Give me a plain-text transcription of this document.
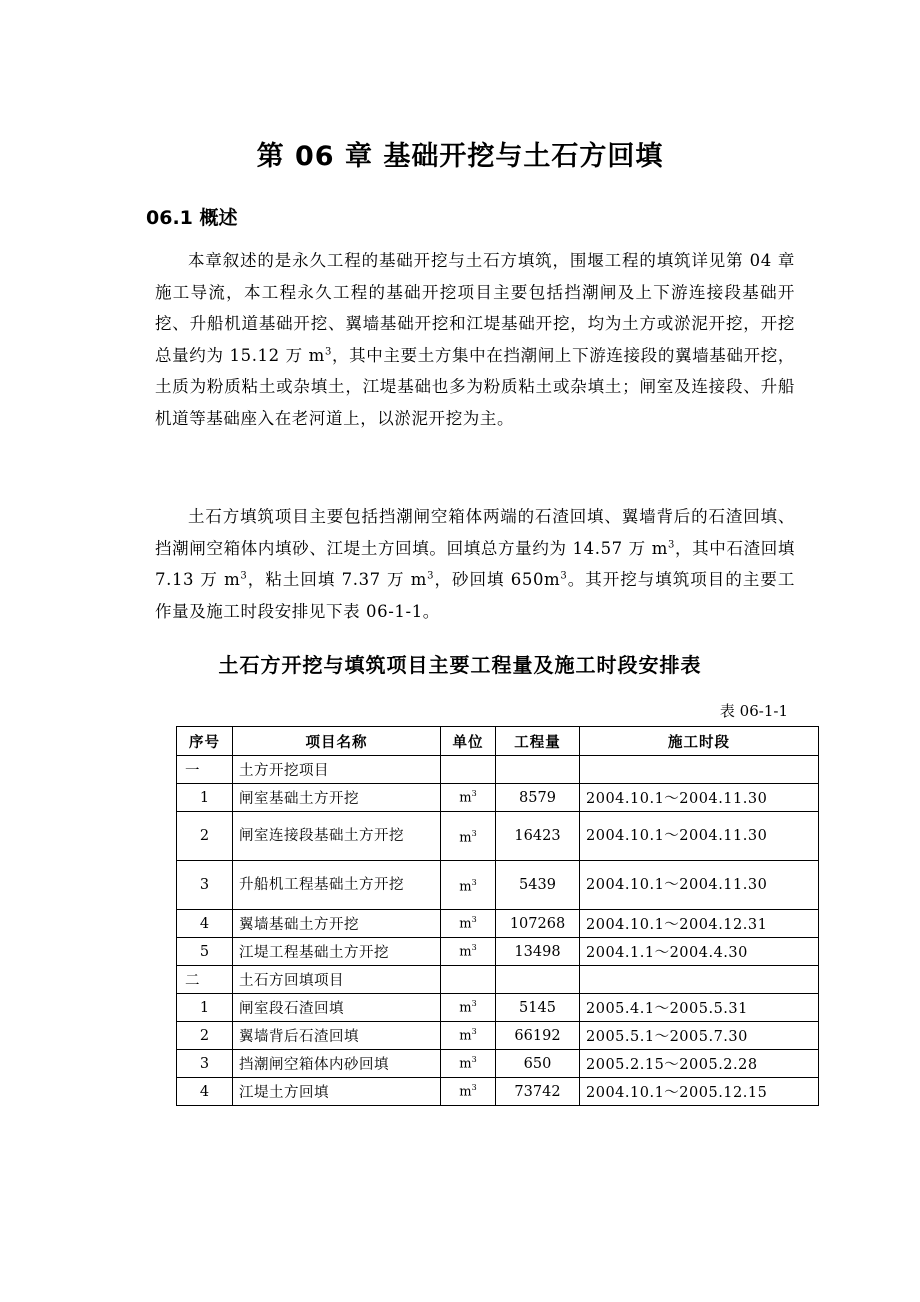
第 06 章 基础开挖与土石方回填
06.1 概述

本章叙述的是永久工程的基础开挖与土石方填筑，围堰工程的填筑详见第 04 章施工导流，本工程永久工程的基础开挖项目主要包括挡潮闸及上下游连接段基础开挖、升船机道基础开挖、翼墙基础开挖和江堤基础开挖，均为土方或淤泥开挖，开挖总量约为 15.12 万 $m^3$，其中主要土方集中在挡潮闸上下游连接段的翼墙基础开挖，土质为粉质粘土或杂填土，江堤基础也多为粉质粘土或杂填土；闸室及连接段、升船机道等基础座入在老河道上，以淤泥开挖为主。

土石方填筑项目主要包括挡潮闸空箱体两端的石渣回填、翼墙背后的石渣回填、挡潮闸空箱体内填砂、江堤土方回填。回填总方量约为 14.57 万 $m^3$，其中石渣回填 7.13 万 $m^3$，粘土回填 7.37 万 $m^3$，砂回填 $650m^3$。其开挖与填筑项目的主要工作量及施工时段安排见下表 06-1-1。

土石方开挖与填筑项目主要工程量及施工时段安排表
表 06-1-1
序号	项目名称	单位	工程量	施工时段
一	土方开挖项目			
1	闸室基础土方开挖	$m^3$	8579	2004.10.1～2004.11.30
2	闸室连接段基础土方开挖	$m^3$	16423	2004.10.1～2004.11.30
3	升船机工程基础土方开挖	$m^3$	5439	2004.10.1～2004.11.30
4	翼墙基础土方开挖	$m^3$	107268	2004.10.1～2004.12.31
5	江堤工程基础土方开挖	$m^3$	13498	2004.1.1～2004.4.30
二	土石方回填项目			
1	闸室段石渣回填	$m^3$	5145	2005.4.1～2005.5.31
2	翼墙背后石渣回填	$m^3$	66192	2005.5.1～2005.7.30
3	挡潮闸空箱体内砂回填	$m^3$	650	2005.2.15～2005.2.28
4	江堤土方回填	$m^3$	73742	2004.10.1～2005.12.15
